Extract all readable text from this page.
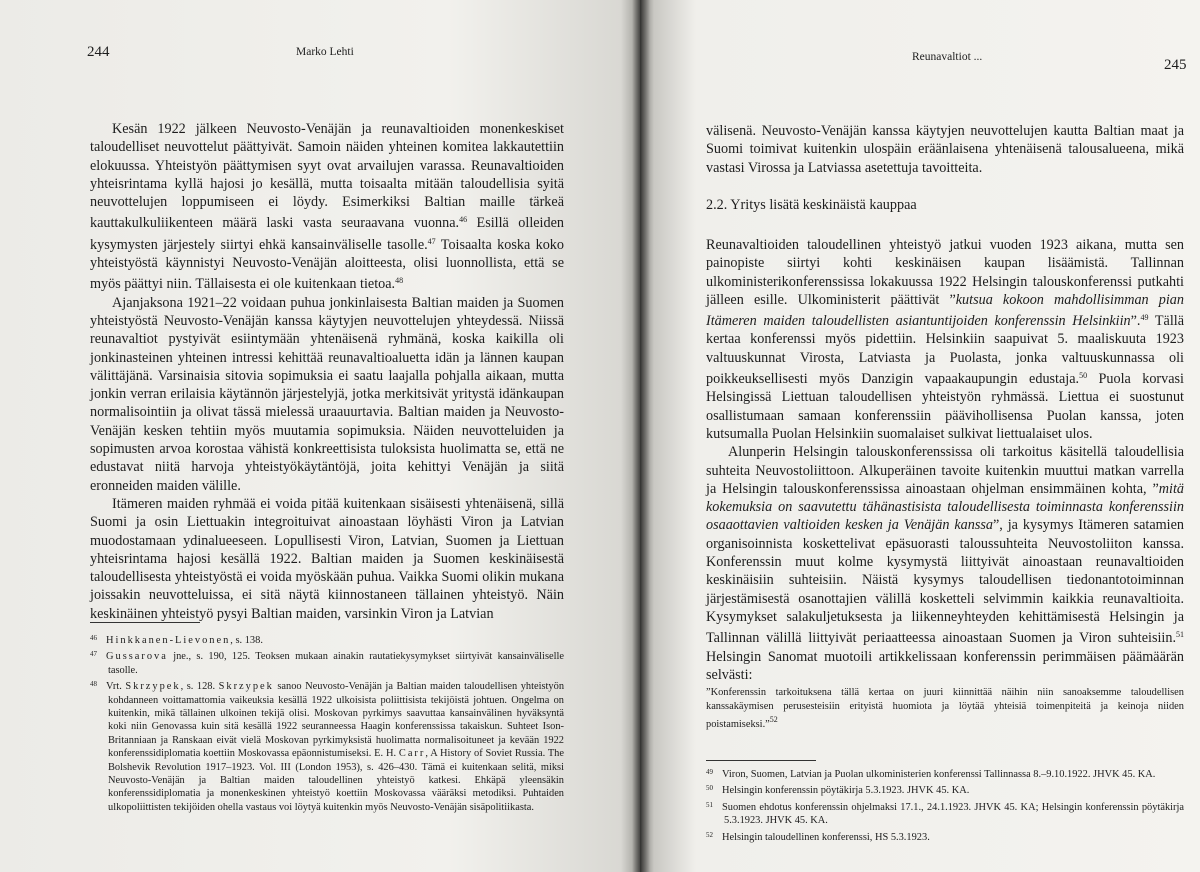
244	Marko Lehti

Kesän 1922 jälkeen Neuvosto-Venäjän ja reunavaltioiden monenkeskiset taloudelliset neuvottelut päättyivät. Samoin näiden yhteinen komitea lakkautettiin elokuussa. Yhteistyön päättymisen syyt ovat arvailujen varassa. Reunavaltioiden yhteisrintama kyllä hajosi jo kesällä, mutta toisaalta mitään taloudellisia syitä neuvottelujen loppumiseen ei löydy. Esimerkiksi Baltian maille tärkeä kauttakulkuliikenteen määrä laski vasta seuraavana vuonna.$^{46}$ Esillä olleiden kysymysten järjestely siirtyi ehkä kansainväliselle tasolle.$^{47}$ Toisaalta koska koko yhteistyöstä käynnistyi Neuvosto-Venäjän aloitteesta, olisi luonnollista, että se myös päättyi niin. Tällaisesta ei ole kuitenkaan tietoa.$^{48}$

Ajanjaksona 1921–22 voidaan puhua jonkinlaisesta Baltian maiden ja Suomen yhteistyöstä Neuvosto-Venäjän kanssa käytyjen neuvottelujen yhteydessä. Niissä reunavaltiot pystyivät esiintymään yhtenäisenä ryhmänä, koska kaikilla oli jonkinasteinen yhteinen intressi kehittää reunavaltioaluetta idän ja lännen kaupan välittäjänä. Varsinaisia sitovia sopimuksia ei saatu laajalla pohjalla aikaan, mutta jonkin verran erilaisia käytännön järjestelyjä, jotka merkitsivät yritystä idänkaupan normalisointiin ja olivat tässä mielessä uraauurtavia. Baltian maiden ja Neuvosto-Venäjän kesken tehtiin myös muutamia sopimuksia. Näiden neuvotteluiden ja sopimusten arvoa korostaa vähistä konkreettisista tuloksista huolimatta se, että ne edustavat niitä harvoja yhteistyökäytäntöjä, joita kehittyi Venäjän ja siitä eronneiden maiden välille.

Itämeren maiden ryhmää ei voida pitää kuitenkaan sisäisesti yhtenäisenä, sillä Suomi ja osin Liettuakin integroituivat ainoastaan löyhästi Viron ja Latvian muodostamaan ydinalueeseen. Lopullisesti Viron, Latvian, Suomen ja Liettuan yhteisrintama hajosi kesällä 1922. Baltian maiden ja Suomen keskinäisestä taloudellisesta yhteistyöstä ei voida myöskään puhua. Vaikka Suomi olikin mukana joissakin neuvotteluissa, ei sitä näytä kiinnostaneen tällainen yhteistyö. Näin keskinäinen yhteistyö pysyi Baltian maiden, varsinkin Viron ja Latvian

$^{46}$ Hinkkanen-Lievonen, s. 138.
$^{47}$ Gussarova jne., s. 190, 125. Teoksen mukaan ainakin rautatiekysymykset siirtyivät kansainväliselle tasolle.
$^{48}$ Vrt. Skrzypek, s. 128. Skrzypek sanoo Neuvosto-Venäjän ja Baltian maiden taloudellisen yhteistyön kohdanneen voittamattomia vaikeuksia kesällä 1922 ulkoisista poliittisista tekijöistä johtuen. Ongelma on kuitenkin, mikä tällainen ulkoinen tekijä olisi. Moskovan pyrkimys saavuttaa kansainvälinen hyväksyntä koki niin Genovassa kuin sitä kesällä 1922 seuranneessa Haagin konferenssissa takaiskun. Suhteet Ison-Britanniaan ja Ranskaan eivät vielä Moskovan pyrkimyksistä huolimatta normalisoituneet ja kevään 1922 konferenssidiplomatia koettiin Moskovassa epäonnistumiseksi. E. H. Carr, A History of Soviet Russia. The Bolshevik Revolution 1917–1923. Vol. III (London 1953), s. 426–430. Tämä ei kuitenkaan selitä, miksi Neuvosto-Venäjän ja Baltian maiden taloudellinen yhteistyö katkesi. Ehkäpä yleensäkin konferenssidiplomatia ja monenkeskinen yhteistyö koettiin Moskovassa vääräksi metodiksi. Puhtaiden ulkopoliittisten tekijöiden ohella vastaus voi löytyä kuitenkin myös Neuvosto-Venäjän sisäpolitiikasta.
Reunavaltiot ...	245

välisenä. Neuvosto-Venäjän kanssa käytyjen neuvottelujen kautta Baltian maat ja Suomi toimivat kuitenkin ulospäin eräänlaisena yhtenäisenä talousalueena, mikä vastasi Virossa ja Latviassa asetettuja tavoitteita.

2.2. Yritys lisätä keskinäistä kauppaa

Reunavaltioiden taloudellinen yhteistyö jatkui vuoden 1923 aikana, mutta sen painopiste siirtyi kohti keskinäisen kaupan lisäämistä. Tallinnan ulkoministerikonferenssissa lokakuussa 1922 Helsingin talouskonferenssi putkahti jälleen esille. Ulkoministerit päättivät ”kutsua kokoon mahdollisimman pian Itämeren maiden taloudellisten asiantuntijoiden konferenssin Helsinkiin”.$^{49}$ Tällä kertaa konferenssi myös pidettiin. Helsinkiin saapuivat 5. maaliskuuta 1923 valtuuskunnat Virosta, Latviasta ja Puolasta, jonka valtuuskunnassa oli poikkeuksellisesti myös Danzigin vapaakaupungin edustaja.$^{50}$ Puola korvasi Helsingissä Liettuan taloudellisen yhteistyön ryhmässä. Liettua ei suostunut osallistumaan samaan konferenssiin päävihollisensa Puolan kanssa, joten kutsumalla Puolan Helsinkiin suomalaiset sulkivat liettualaiset ulos.

Alunperin Helsingin talouskonferenssissa oli tarkoitus käsitellä taloudellisia suhteita Neuvostoliittoon. Alkuperäinen tavoite kuitenkin muuttui matkan varrella ja Helsingin talouskonferenssissa ainoastaan ohjelman ensimmäinen kohta, ”mitä kokemuksia on saavutettu tähänastisista taloudellisesta toiminnasta konferenssiin osaaottavien valtioiden kesken ja Venäjän kanssa”, ja kysymys Itämeren satamien organisoinnista koskettelivat epäsuorasti taloussuhteita Neuvostoliiton kanssa. Konferenssin muut kolme kysymystä liittyivät ainoastaan reunavaltioiden keskinäisiin suhteisiin. Näistä kysymys taloudellisen tiedonantotoiminnan järjestämisestä osanottajien välillä kosketteli selvimmin kaikkia reunavaltioita. Kysymykset salakuljetuksesta ja liikenneyhteyden kehittämisestä Helsingin ja Tallinnan välillä liittyivät periaatteessa ainoastaan Suomen ja Viron suhteisiin.$^{51}$ Helsingin Sanomat muotoili artikkelissaan konferenssin perimmäisen päämäärän selvästi:

”Konferenssin tarkoituksena tällä kertaa on juuri kiinnittää näihin niin sanoaksemme taloudellisen kanssakäymisen perusesteisiin erityistä huomiota ja löytää yhteisiä toimenpiteitä ja keinoja niiden poistamiseksi.”$^{52}$
$^{49}$ Viron, Suomen, Latvian ja Puolan ulkoministerien konferenssi Tallinnassa 8.–9.10.1922. JHVK 45. KA.
$^{50}$ Helsingin konferenssin pöytäkirja 5.3.1923. JHVK 45. KA.
$^{51}$ Suomen ehdotus konferenssin ohjelmaksi 17.1., 24.1.1923. JHVK 45. KA; Helsingin konferenssin pöytäkirja 5.3.1923. JHVK 45. KA.
$^{52}$ Helsingin taloudellinen konferenssi, HS 5.3.1923.
